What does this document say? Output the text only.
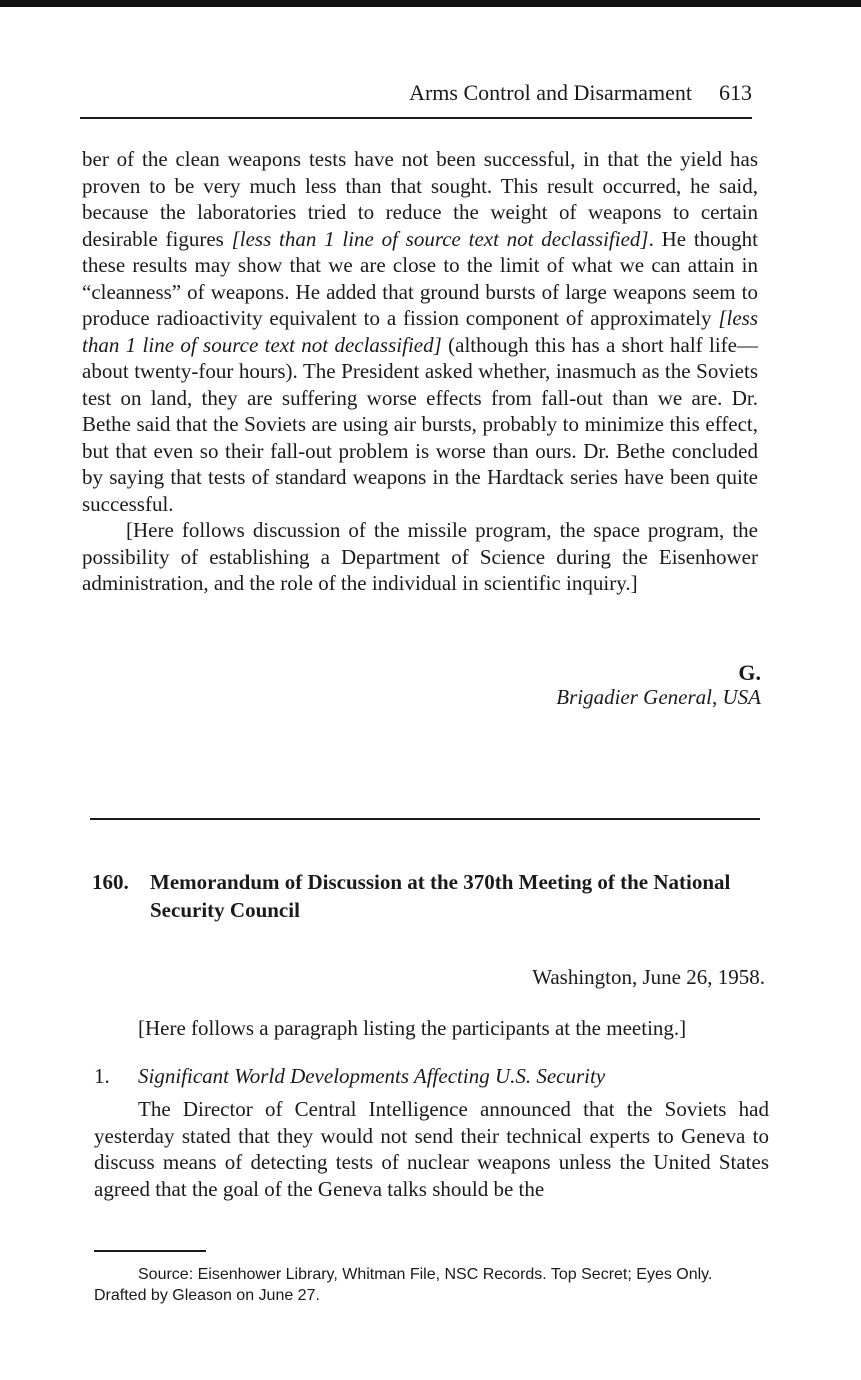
Arms Control and Disarmament 613

ber of the clean weapons tests have not been successful, in that the yield has proven to be very much less than that sought. This result occurred, he said, because the laboratories tried to reduce the weight of weapons to certain desirable figures [less than 1 line of source text not declassified]. He thought these results may show that we are close to the limit of what we can attain in “cleanness” of weapons. He added that ground bursts of large weapons seem to produce radioactivity equivalent to a fission component of approximately [less than 1 line of source text not declassified] (although this has a short half life—about twenty-four hours). The President asked whether, inasmuch as the Soviets test on land, they are suffering worse effects from fall-out than we are. Dr. Bethe said that the Soviets are using air bursts, probably to minimize this effect, but that even so their fall-out problem is worse than ours. Dr. Bethe concluded by saying that tests of standard weapons in the Hardtack series have been quite successful.

[Here follows discussion of the missile program, the space program, the possibility of establishing a Department of Science during the Eisenhower administration, and the role of the individual in scientific inquiry.]

G.
Brigadier General, USA
160. Memorandum of Discussion at the 370th Meeting of the National Security Council
Washington, June 26, 1958.
[Here follows a paragraph listing the participants at the meeting.]
1. Significant World Developments Affecting U.S. Security

The Director of Central Intelligence announced that the Soviets had yesterday stated that they would not send their technical experts to Geneva to discuss means of detecting tests of nuclear weapons unless the United States agreed that the goal of the Geneva talks should be the

Source: Eisenhower Library, Whitman File, NSC Records. Top Secret; Eyes Only. Drafted by Gleason on June 27.
